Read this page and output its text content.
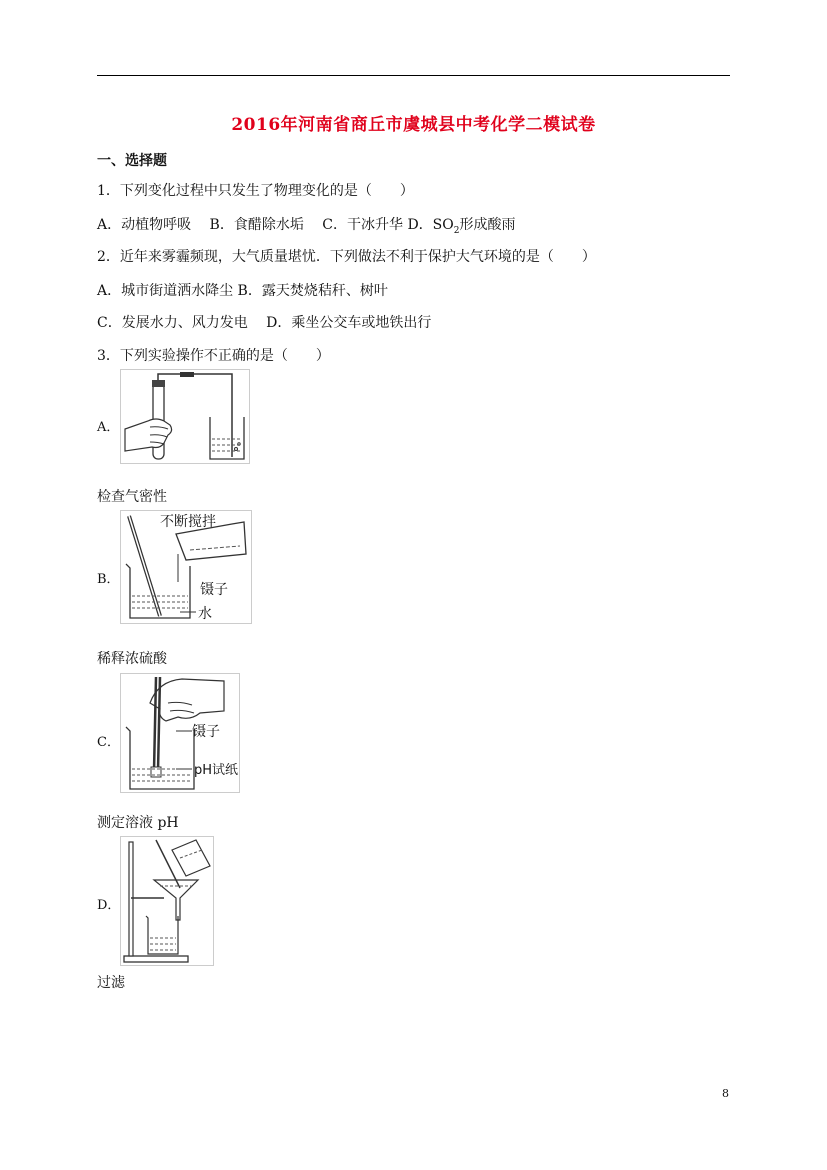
2016年河南省商丘市虞城县中考化学二模试卷
一、选择题
1．下列变化过程中只发生了物理变化的是（　　）
A．动植物呼吸　 B．食醋除水垢　 C．干冰升华 D．$SO_2$形成酸雨
2．近年来雾霾频现，大气质量堪忧．下列做法不利于保护大气环境的是（　　）
A．城市街道洒水降尘 B．露天焚烧秸秆、树叶
C．发展水力、风力发电　 D．乘坐公交车或地铁出行
3．下列实验操作不正确的是（　　）
A．
检查气密性
B．
不断搅拌
镊子
水
稀释浓硫酸
C．
镊子
pH试纸
测定溶液 pH
D．
过滤
8
